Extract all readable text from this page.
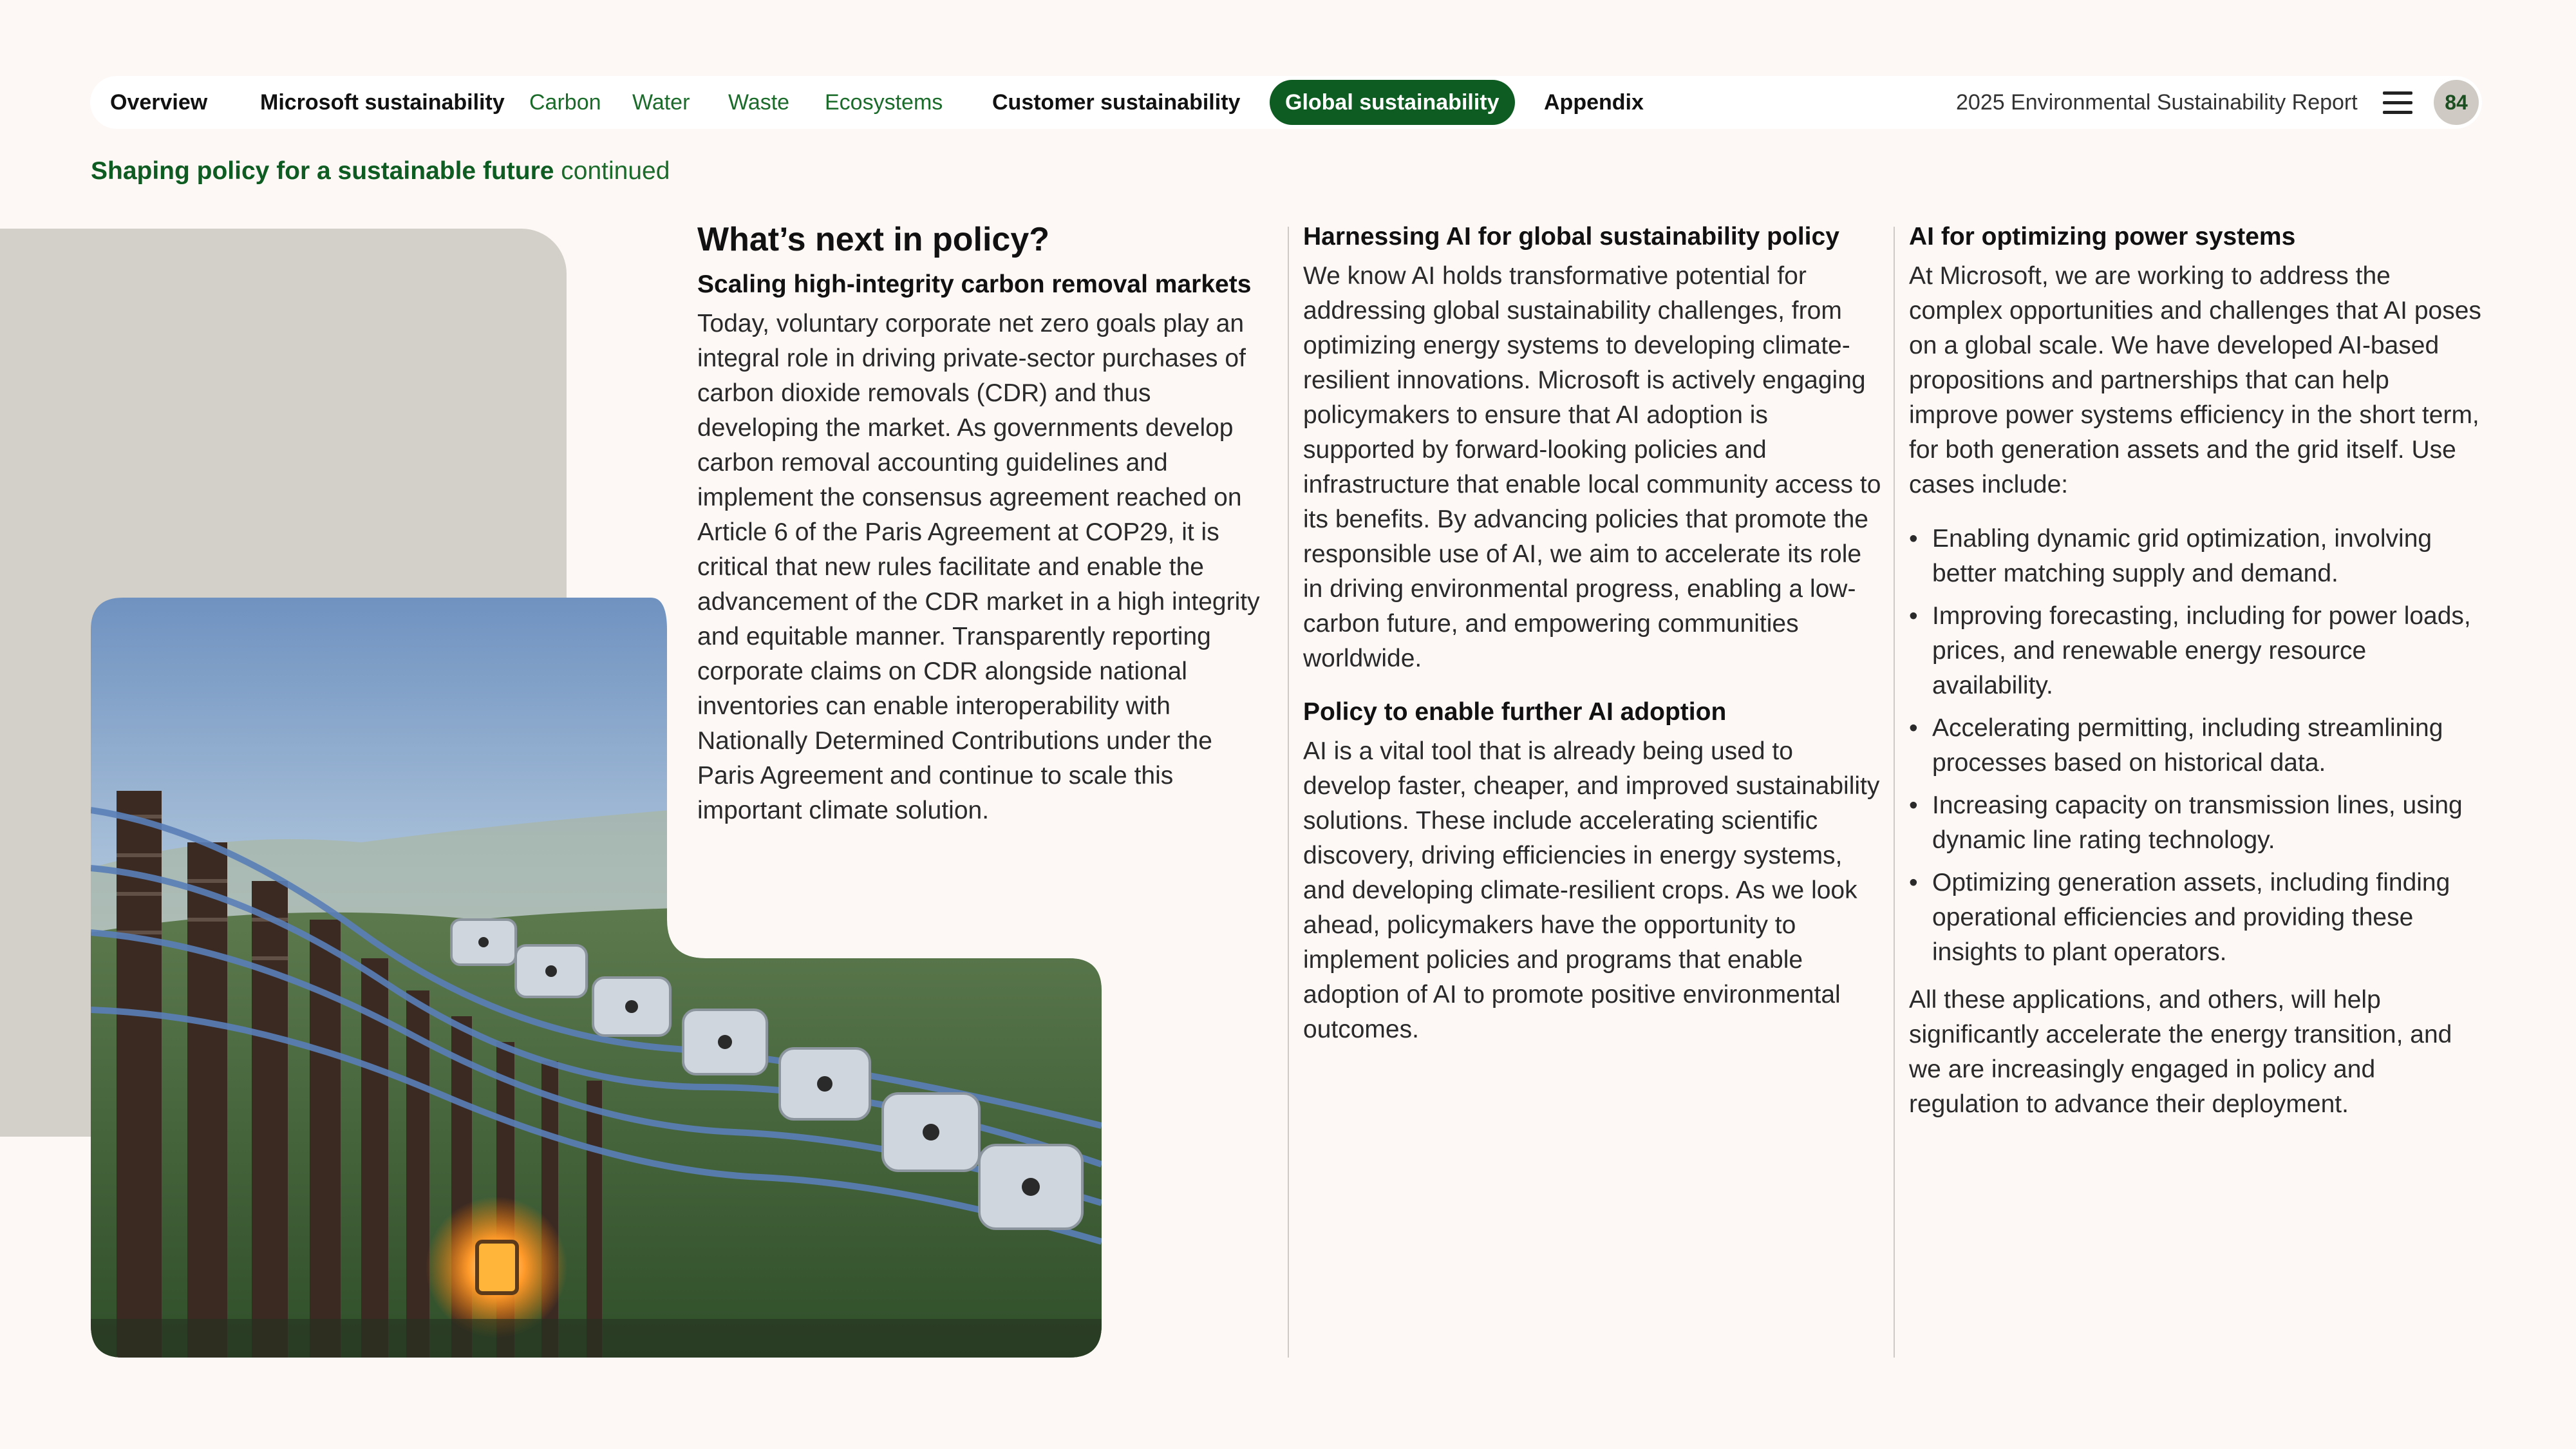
Overview Microsoft sustainability Carbon Water Waste Ecosystems Customer sustainability	Global sustainability	Appendix	2025 Environmental Sustainability Report	84
Shaping policy for a sustainable future continued
What’s next in policy?
Scaling high-integrity carbon removal markets

Today, voluntary corporate net zero goals play an integral role in driving private-sector purchases of carbon dioxide removals (CDR) and thus developing the market. As governments develop carbon removal accounting guidelines and implement the consensus agreement reached on Article 6 of the Paris Agreement at COP29, it is critical that new rules facilitate and enable the advancement of the CDR market in a high integrity and equitable manner. Transparently reporting corporate claims on CDR alongside national inventories can enable interoperability with Nationally Determined Contributions under the Paris Agreement and continue to scale this important climate solution.

Harnessing AI for global sustainability policy

We know AI holds transformative potential for addressing global sustainability challenges, from optimizing energy systems to developing climate-resilient innovations. Microsoft is actively engaging policymakers to ensure that AI adoption is supported by forward-looking policies and infrastructure that enable local community access to its benefits. By advancing policies that promote the responsible use of AI, we aim to accelerate its role in driving environmental progress, enabling a low-carbon future, and empowering communities worldwide.

Policy to enable further AI adoption

AI is a vital tool that is already being used to develop faster, cheaper, and improved sustainability solutions. These include accelerating scientific discovery, driving efficiencies in energy systems, and developing climate-resilient crops. As we look ahead, policymakers have the opportunity to implement policies and programs that enable adoption of AI to promote positive environmental outcomes.

AI for optimizing power systems

At Microsoft, we are working to address the complex opportunities and challenges that AI poses on a global scale. We have developed AI-based propositions and partnerships that can help improve power systems efficiency in the short term, for both generation assets and the grid itself. Use cases include:

• Enabling dynamic grid optimization, involving better matching supply and demand.
• Improving forecasting, including for power loads, prices, and renewable energy resource availability.
• Accelerating permitting, including streamlining processes based on historical data.
• Increasing capacity on transmission lines, using dynamic line rating technology.
• Optimizing generation assets, including finding operational efficiencies and providing these insights to plant operators.

All these applications, and others, will help significantly accelerate the energy transition, and we are increasingly engaged in policy and regulation to advance their deployment.
